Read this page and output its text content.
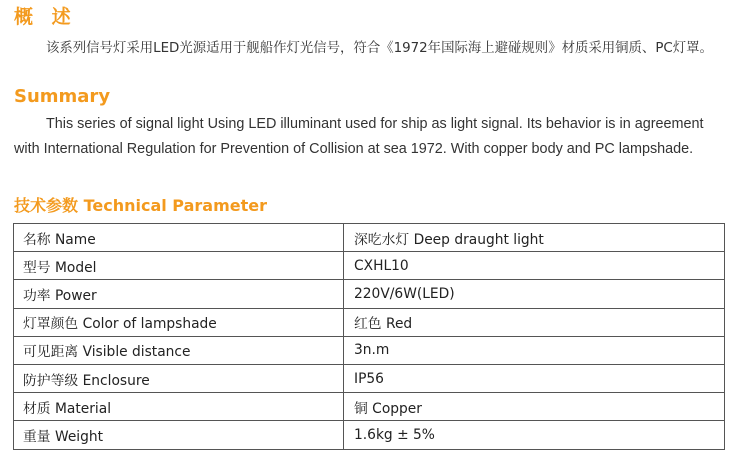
概 述

该系列信号灯采用LED光源适用于舰船作灯光信号，符合《1972年国际海上避碰规则》材质采用铜质、PC灯罩。

Summary

This series of signal light Using LED illuminant used for ship as light signal. Its behavior is in agreement with International Regulation for Prevention of Collision at sea 1972. With copper body and PC lampshade.

技术参数 Technical Parameter
名称 Name	深吃水灯 Deep draught light
型号 Model	CXHL10
功率 Power	220V/6W(LED)
灯罩颜色 Color of lampshade	红色 Red
可见距离 Visible distance	3n.m
防护等级 Enclosure	IP56
材质 Material	铜 Copper
重量 Weight	1.6kg ± 5%
